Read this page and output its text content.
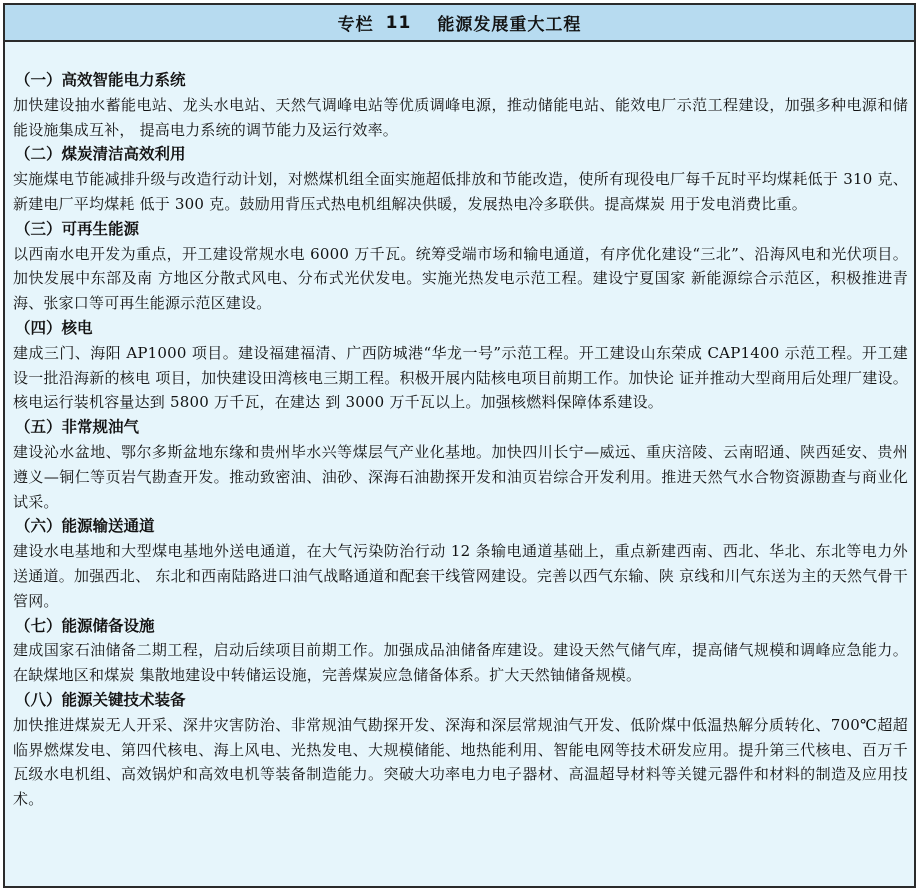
专栏 11 能源发展重大工程
（一）高效智能电力系统
加快建设抽水蓄能电站、龙头水电站、天然气调峰电站等优质调峰电源，推动储能电站、能效电厂示范工程建设，加强多种电源和储能设施集成互补， 提高电力系统的调节能力及运行效率。
（二）煤炭清洁高效利用
实施煤电节能减排升级与改造行动计划，对燃煤机组全面实施超低排放和节能改造，使所有现役电厂每千瓦时平均煤耗低于 310 克、新建电厂平均煤耗 低于 300 克。鼓励用背压式热电机组解决供暖，发展热电冷多联供。提高煤炭 用于发电消费比重。
（三）可再生能源
以西南水电开发为重点，开工建设常规水电 6000 万千瓦。统筹受端市场和输电通道，有序优化建设“三北”、沿海风电和光伏项目。加快发展中东部及南 方地区分散式风电、分布式光伏发电。实施光热发电示范工程。建设宁夏国家 新能源综合示范区，积极推进青海、张家口等可再生能源示范区建设。
（四）核电
建成三门、海阳 AP1000 项目。建设福建福清、广西防城港“华龙一号”示范工程。开工建设山东荣成 CAP1400 示范工程。开工建设一批沿海新的核电 项目，加快建设田湾核电三期工程。积极开展内陆核电项目前期工作。加快论 证并推动大型商用后处理厂建设。核电运行装机容量达到 5800 万千瓦，在建达 到 3000 万千瓦以上。加强核燃料保障体系建设。
（五）非常规油气
建设沁水盆地、鄂尔多斯盆地东缘和贵州毕水兴等煤层气产业化基地。加快四川长宁—威远、重庆涪陵、云南昭通、陕西延安、贵州遵义—铜仁等页岩气勘查开发。推动致密油、油砂、深海石油勘探开发和油页岩综合开发利用。推进天然气水合物资源勘查与商业化试采。
（六）能源输送通道
建设水电基地和大型煤电基地外送电通道，在大气污染防治行动 12 条输电通道基础上，重点新建西南、西北、华北、东北等电力外送通道。加强西北、 东北和西南陆路进口油气战略通道和配套干线管网建设。完善以西气东输、陕 京线和川气东送为主的天然气骨干管网。
（七）能源储备设施
建成国家石油储备二期工程，启动后续项目前期工作。加强成品油储备库建设。建设天然气储气库，提高储气规模和调峰应急能力。在缺煤地区和煤炭 集散地建设中转储运设施，完善煤炭应急储备体系。扩大天然铀储备规模。
（八）能源关键技术装备
加快推进煤炭无人开采、深井灾害防治、非常规油气勘探开发、深海和深层常规油气开发、低阶煤中低温热解分质转化、700℃超超临界燃煤发电、第四代核电、海上风电、光热发电、大规模储能、地热能利用、智能电网等技术研发应用。提升第三代核电、百万千瓦级水电机组、高效锅炉和高效电机等装备制造能力。突破大功率电力电子器材、高温超导材料等关键元器件和材料的制造及应用技术。
